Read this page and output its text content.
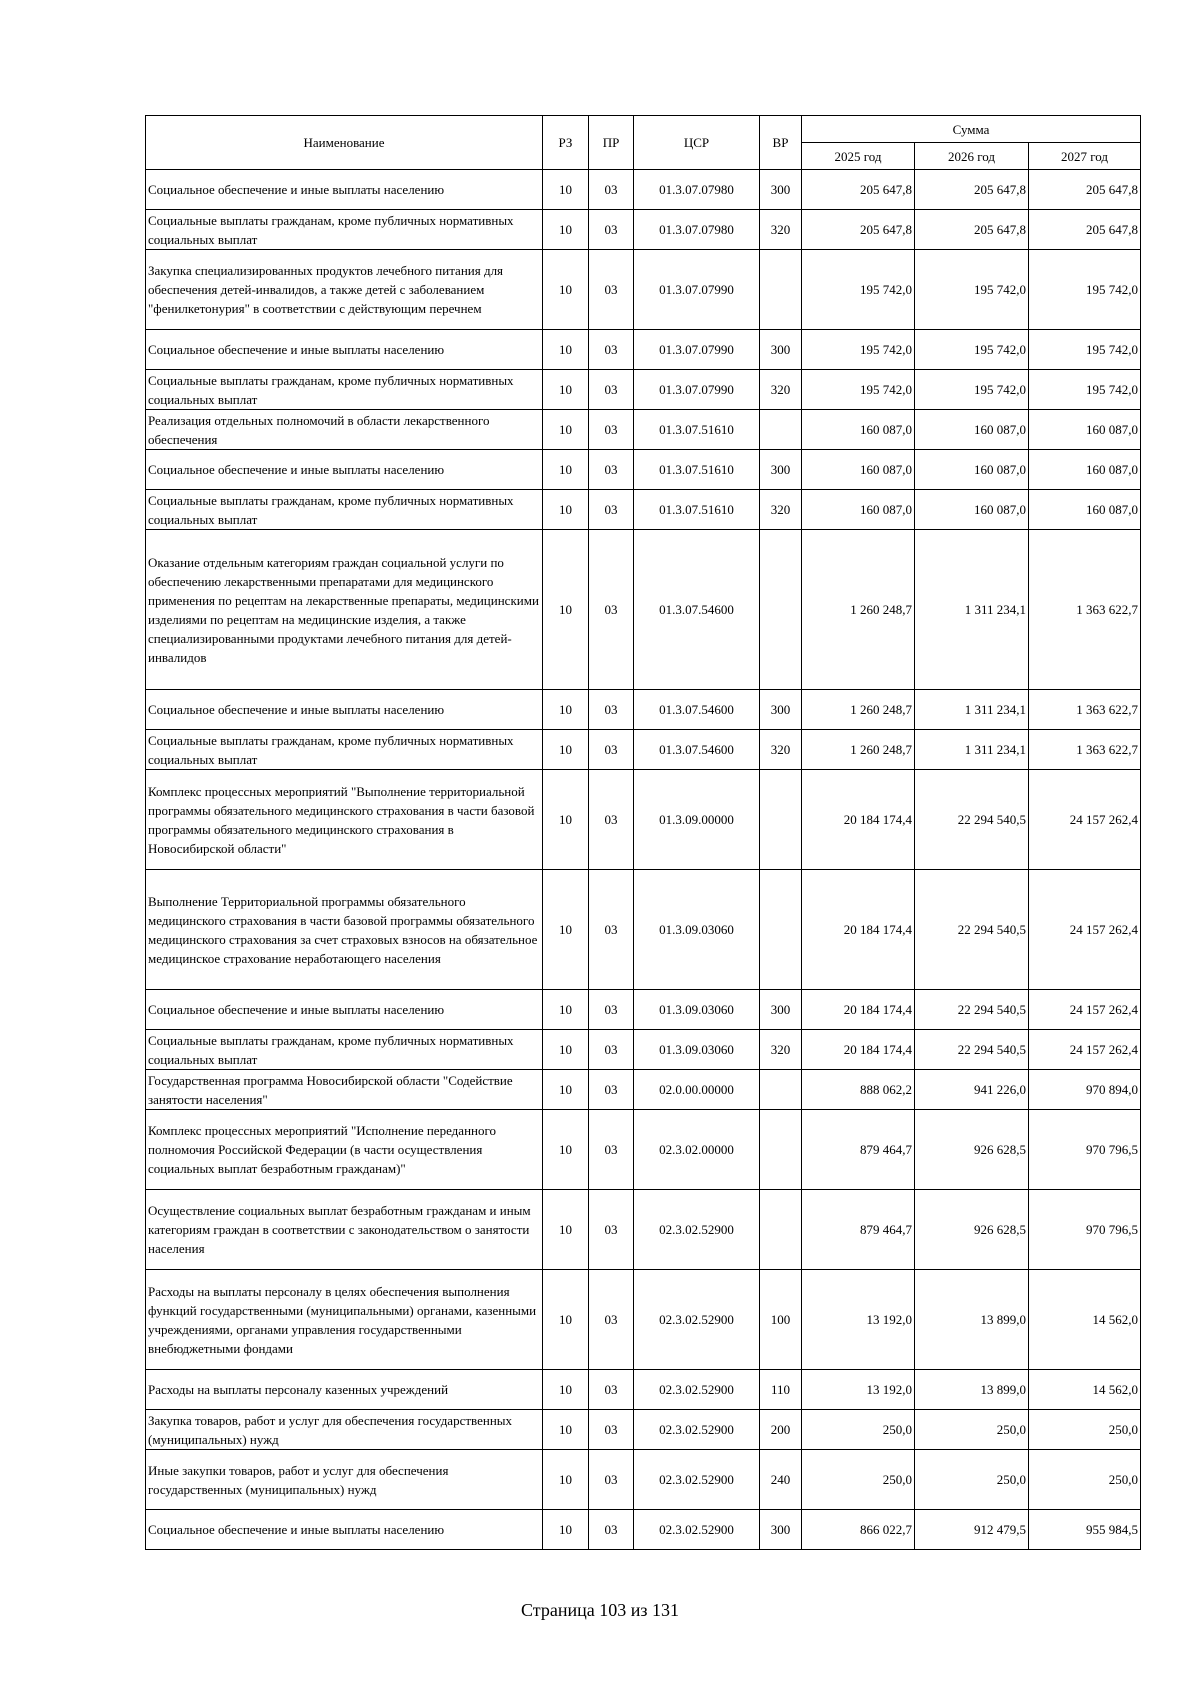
Наименование	РЗ	ПР	ЦСР	ВР	Сумма		
					2025 год	2026 год	2027 год
Социальное обеспечение и иные выплаты населению	10	03	01.3.07.07980	300	205 647,8	205 647,8	205 647,8
Социальные выплаты гражданам, кроме публичных нормативных социальных выплат	10	03	01.3.07.07980	320	205 647,8	205 647,8	205 647,8
Закупка специализированных продуктов лечебного питания для обеспечения детей-инвалидов, а также детей с заболеванием "фенилкетонурия" в соответствии с действующим перечнем	10	03	01.3.07.07990		195 742,0	195 742,0	195 742,0
Социальное обеспечение и иные выплаты населению	10	03	01.3.07.07990	300	195 742,0	195 742,0	195 742,0
Социальные выплаты гражданам, кроме публичных нормативных социальных выплат	10	03	01.3.07.07990	320	195 742,0	195 742,0	195 742,0
Реализация отдельных полномочий в области лекарственного обеспечения	10	03	01.3.07.51610		160 087,0	160 087,0	160 087,0
Социальное обеспечение и иные выплаты населению	10	03	01.3.07.51610	300	160 087,0	160 087,0	160 087,0
Социальные выплаты гражданам, кроме публичных нормативных социальных выплат	10	03	01.3.07.51610	320	160 087,0	160 087,0	160 087,0
Оказание отдельным категориям граждан социальной услуги по обеспечению лекарственными препаратами для медицинского применения по рецептам на лекарственные препараты, медицинскими изделиями по рецептам на медицинские изделия, а также специализированными продуктами лечебного питания для детей-инвалидов	10	03	01.3.07.54600		1 260 248,7	1 311 234,1	1 363 622,7
Социальное обеспечение и иные выплаты населению	10	03	01.3.07.54600	300	1 260 248,7	1 311 234,1	1 363 622,7
Социальные выплаты гражданам, кроме публичных нормативных социальных выплат	10	03	01.3.07.54600	320	1 260 248,7	1 311 234,1	1 363 622,7
Комплекс процессных мероприятий "Выполнение территориальной программы обязательного медицинского страхования в части базовой программы обязательного медицинского страхования в Новосибирской области"	10	03	01.3.09.00000		20 184 174,4	22 294 540,5	24 157 262,4
Выполнение Территориальной программы обязательного медицинского страхования в части базовой программы обязательного медицинского страхования за счет страховых взносов на обязательное медицинское страхование неработающего населения	10	03	01.3.09.03060		20 184 174,4	22 294 540,5	24 157 262,4
Социальное обеспечение и иные выплаты населению	10	03	01.3.09.03060	300	20 184 174,4	22 294 540,5	24 157 262,4
Социальные выплаты гражданам, кроме публичных нормативных социальных выплат	10	03	01.3.09.03060	320	20 184 174,4	22 294 540,5	24 157 262,4
Государственная программа Новосибирской области "Содействие занятости населения"	10	03	02.0.00.00000		888 062,2	941 226,0	970 894,0
Комплекс процессных мероприятий "Исполнение переданного полномочия Российской Федерации (в части осуществления социальных выплат безработным гражданам)"	10	03	02.3.02.00000		879 464,7	926 628,5	970 796,5
Осуществление социальных выплат безработным гражданам и иным категориям граждан в соответствии с законодательством о занятости населения	10	03	02.3.02.52900		879 464,7	926 628,5	970 796,5
Расходы на выплаты персоналу в целях обеспечения выполнения функций государственными (муниципальными) органами, казенными учреждениями, органами управления государственными внебюджетными фондами	10	03	02.3.02.52900	100	13 192,0	13 899,0	14 562,0
Расходы на выплаты персоналу казенных учреждений	10	03	02.3.02.52900	110	13 192,0	13 899,0	14 562,0
Закупка товаров, работ и услуг для обеспечения государственных (муниципальных) нужд	10	03	02.3.02.52900	200	250,0	250,0	250,0
Иные закупки товаров, работ и услуг для обеспечения государственных (муниципальных) нужд	10	03	02.3.02.52900	240	250,0	250,0	250,0
Социальное обеспечение и иные выплаты населению	10	03	02.3.02.52900	300	866 022,7	912 479,5	955 984,5
Страница 103 из 131
